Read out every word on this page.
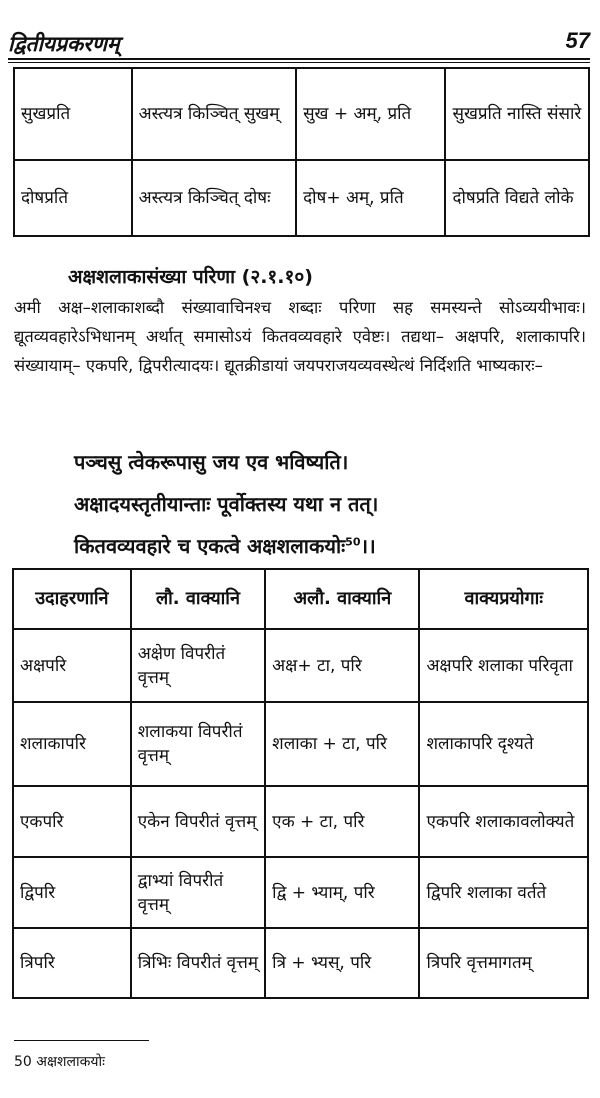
द्वितीयप्रकरणम्	57
सुखप्रति	अस्त्यत्र किञ्चित् सुखम्	सुख + अम्, प्रति	सुखप्रति नास्ति संसारे
दोषप्रति	अस्त्यत्र किञ्चित् दोषः	दोष+ अम्, प्रति	दोषप्रति विद्यते लोके
अक्षशलाकासंख्या परिणा (२.१.१०)
अमी अक्ष–शलाकाशब्दौ संख्यावाचिनश्च शब्दाः परिणा सह समस्यन्ते सोऽव्ययीभावः। द्यूतव्यवहारेऽभिधानम् अर्थात् समासोऽयं कितवव्यवहारे एवेष्टः। तद्यथा– अक्षपरि, शलाकापरि। संख्यायाम्– एकपरि, द्विपरीत्यादयः। द्यूतक्रीडायां जयपराजयव्यवस्थेत्थं निर्दिशति भाष्यकारः–
पञ्चसु त्वेकरूपासु जय एव भविष्यति।
अक्षादयस्तृतीयान्ताः पूर्वोक्तस्य यथा न तत्।
कितवव्यवहारे च एकत्वे अक्षशलाकयोः$^{50}$।।
उदाहरणानि	लौ. वाक्यानि	अलौ. वाक्यानि	वाक्यप्रयोगाः
अक्षपरि	अक्षेण विपरीतं वृत्तम्	अक्ष+ टा, परि	अक्षपरि शलाका परिवृता
शलाकापरि	शलाकया विपरीतं वृत्तम्	शलाका + टा, परि	शलाकापरि दृश्यते
एकपरि	एकेन विपरीतं वृत्तम्	एक + टा, परि	एकपरि शलाकावलोक्यते
द्विपरि	द्वाभ्यां विपरीतं वृत्तम्	द्वि + भ्याम्, परि	द्विपरि शलाका वर्तते
त्रिपरि	त्रिभिः विपरीतं वृत्तम्	त्रि + भ्यस्, परि	त्रिपरि वृत्तमागतम्
50 अक्षशलाकयोः
